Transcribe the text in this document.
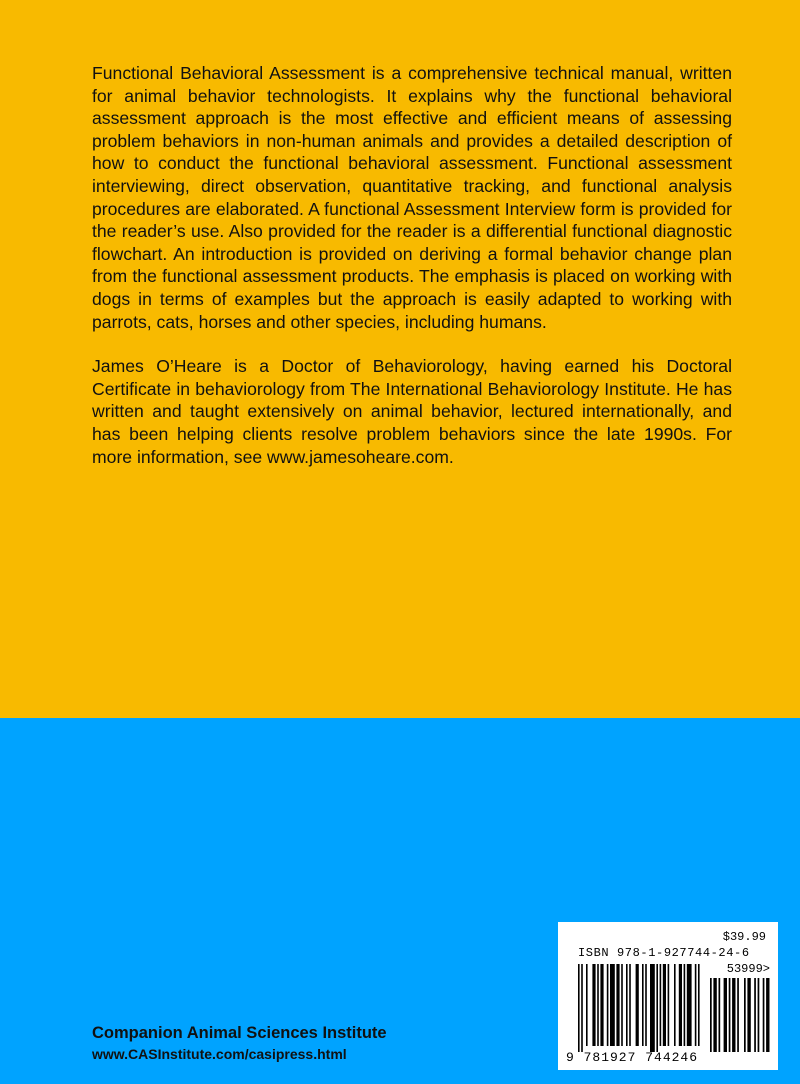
Functional Behavioral Assessment is a comprehensive technical manual, written for animal behavior technologists. It explains why the functional behavioral assessment approach is the most effective and efficient means of assessing problem behaviors in non-human animals and provides a detailed description of how to conduct the functional behavioral assessment. Functional assessment interviewing, direct observation, quantitative tracking, and functional analysis procedures are elaborated. A functional Assessment Interview form is provided for the reader’s use. Also provided for the reader is a differential functional diagnostic flowchart. An introduction is provided on deriving a formal behavior change plan from the functional assessment products. The emphasis is placed on working with dogs in terms of examples but the approach is easily adapted to working with parrots, cats, horses and other species, including humans.

James O’Heare is a Doctor of Behaviorology, having earned his Doctoral Certificate in behaviorology from The International Behaviorology Institute. He has written and taught extensively on animal behavior, lectured internationally, and has been helping clients resolve problem behaviors since the late 1990s. For more information, see www.jamesoheare.com.

Companion Animal Sciences Institute
www.CASInstitute.com/casipress.html
$39.99
ISBN 978-1-927744-24-6
53999>
9 781927 744246
